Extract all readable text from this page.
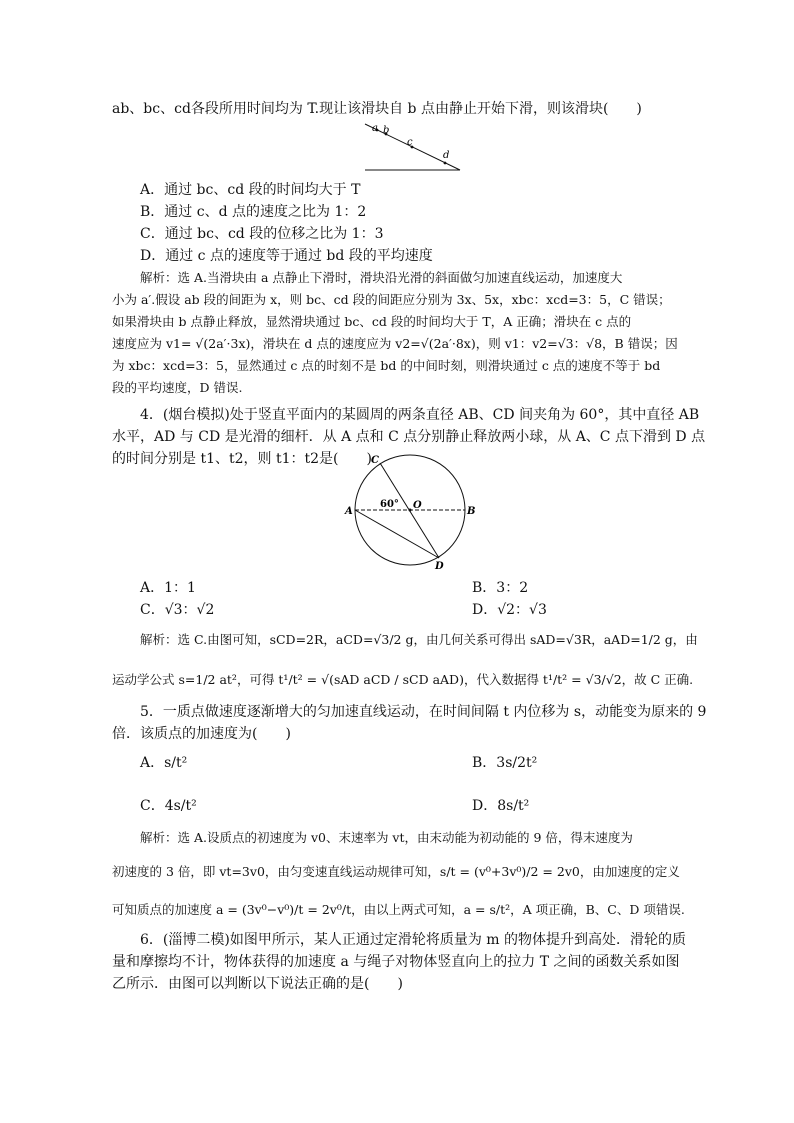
ab、bc、cd各段所用时间均为 T.现让该滑块自 b 点由静止开始下滑，则该滑块(　　)
a b
c
d
A．通过 bc、cd 段的时间均大于 T
B．通过 c、d 点的速度之比为 1：2
C．通过 bc、cd 段的位移之比为 1：3
D．通过 c 点的速度等于通过 bd 段的平均速度
解析：选 A.当滑块由 a 点静止下滑时，滑块沿光滑的斜面做匀加速直线运动，加速度大
小为 a′.假设 ab 段的间距为 x，则 bc、cd 段的间距应分别为 3x、5x，xbc：xcd=3：5，C 错误；
如果滑块由 b 点静止释放，显然滑块通过 bc、cd 段的时间均大于 T，A 正确；滑块在 c 点的
速度应为 v1= √(2a′·3x)，滑块在 d 点的速度应为 v2=√(2a′·8x)，则 v1：v2=√3：√8，B 错误；因
为 xbc：xcd=3：5，显然通过 c 点的时刻不是 bd 的中间时刻，则滑块通过 c 点的速度不等于 bd
段的平均速度，D 错误.
4．(烟台模拟)处于竖直平面内的某圆周的两条直径 AB、CD 间夹角为 60°，其中直径 AB
水平，AD 与 CD 是光滑的细杆．从 A 点和 C 点分别静止释放两小球，从 A、C 点下滑到 D 点
的时间分别是 t1、t2，则 t1：t2是(　　) C
A	B
D
O
60°
A．1：1	B．3：2
C．√3：√2	D．√2：√3
解析：选 C.由图可知，sCD=2R，aCD=√3/2 g，由几何关系可得出 sAD=√3R，aAD=1/2 g，由
运动学公式 s=1/2 at²，可得 t¹/t² = √(sAD aCD / sCD aAD)，代入数据得 t¹/t² = √3/√2，故 C 正确.
5．一质点做速度逐渐增大的匀加速直线运动，在时间间隔 t 内位移为 s，动能变为原来的 9
倍．该质点的加速度为(　　)
A．s/t²	B．3s/2t²
C．4s/t²	D．8s/t²
解析：选 A.设质点的初速度为 v0、末速率为 vt，由末动能为初动能的 9 倍，得末速度为
初速度的 3 倍，即 vt=3v0，由匀变速直线运动规律可知，s/t = (v⁰+3v⁰)/2 = 2v0，由加速度的定义
可知质点的加速度 a = (3v⁰−v⁰)/t = 2v⁰/t，由以上两式可知，a = s/t²，A 项正确，B、C、D 项错误.
6．(淄博二模)如图甲所示，某人正通过定滑轮将质量为 m 的物体提升到高处．滑轮的质
量和摩擦均不计，物体获得的加速度 a 与绳子对物体竖直向上的拉力 T 之间的函数关系如图
乙所示．由图可以判断以下说法正确的是(　　)
